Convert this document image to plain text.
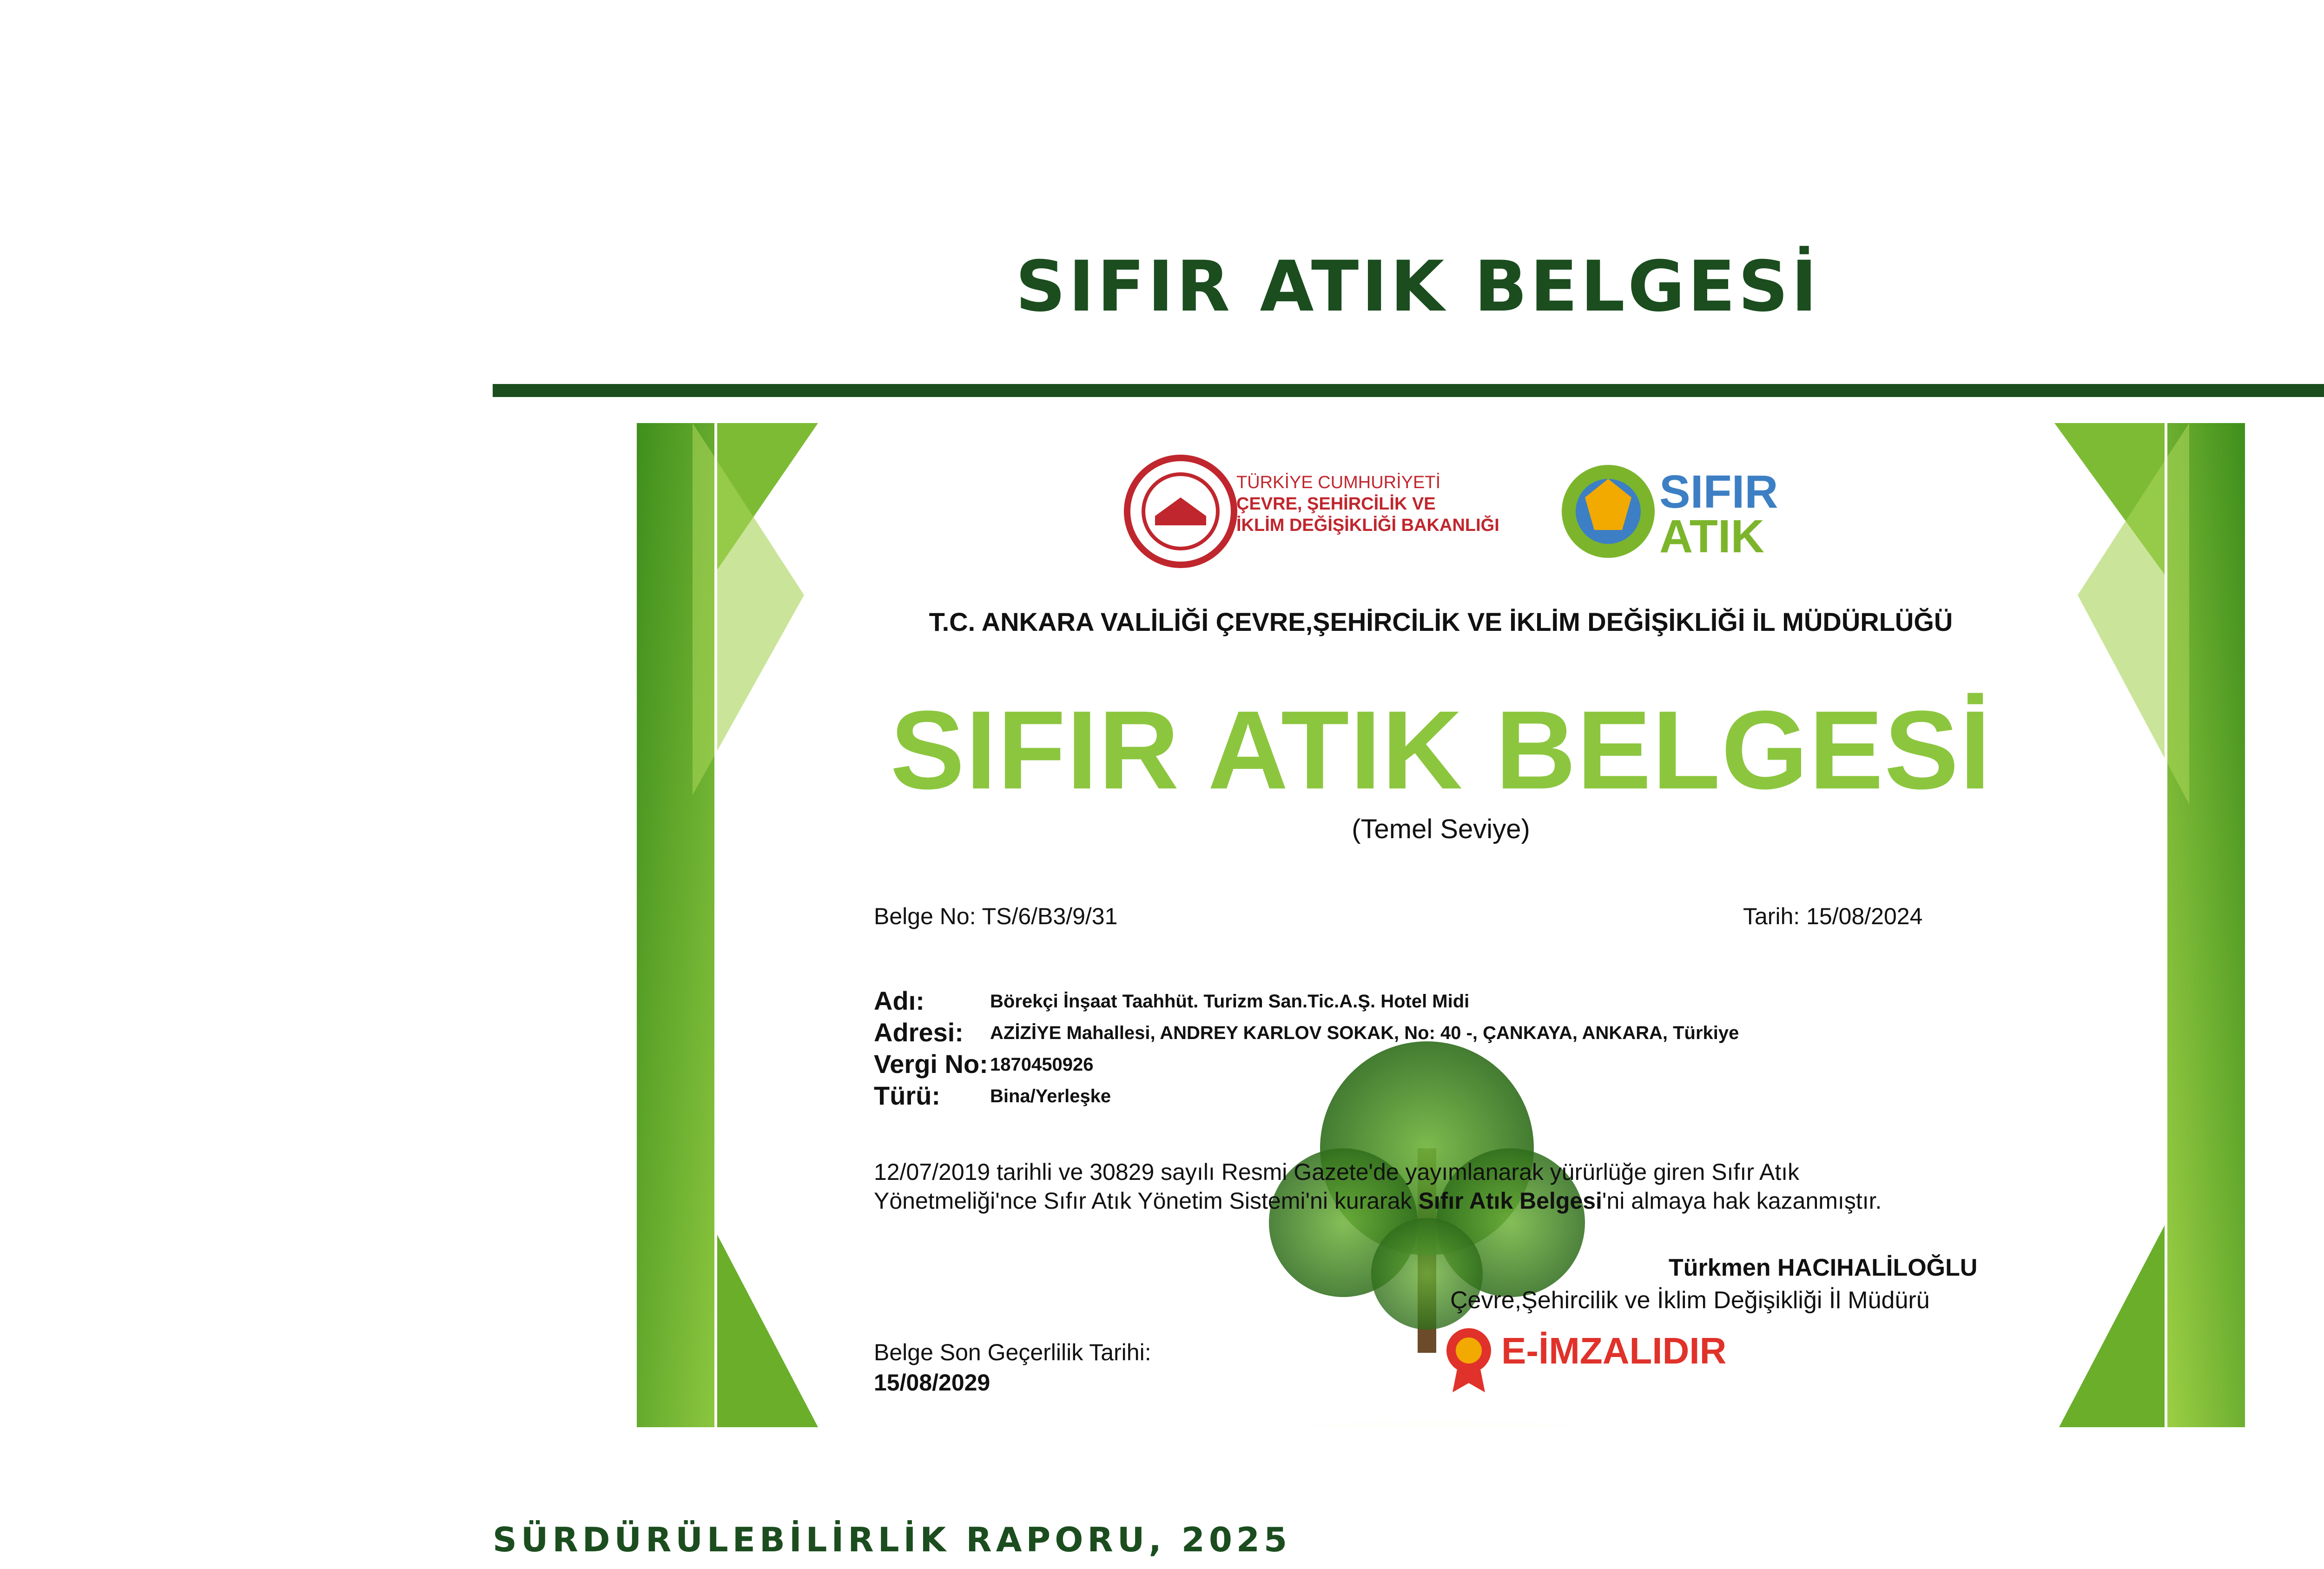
SIFIR ATIK BELGESİ
TÜRKİYE CUMHURİYETİ
ÇEVRE, ŞEHİRCİLİK VE
İKLİM DEĞİŞİKLİĞİ BAKANLIĞI
SIFIR
ATIK
T.C. ANKARA VALİLİĞİ ÇEVRE,ŞEHİRCİLİK VE İKLİM DEĞİŞİKLİĞİ İL MÜDÜRLÜĞÜ
SIFIR ATIK BELGESİ
(Temel Seviye)
Belge No: TS/6/B3/9/31	Tarih: 15/08/2024
Adı:	Börekçi İnşaat Taahhüt. Turizm San.Tic.A.Ş. Hotel Midi
Adresi: AZİZİYE Mahallesi, ANDREY KARLOV SOKAK, No: 40 -, ÇANKAYA, ANKARA, Türkiye
Vergi No: 1870450926
Türü:	Bina/Yerleşke
12/07/2019 tarihli ve 30829 sayılı Resmi Gazete'de yayımlanarak yürürlüğe giren Sıfır Atık
Yönetmeliği'nce Sıfır Atık Yönetim Sistemi'ni kurarak Sıfır Atık Belgesi'ni almaya hak kazanmıştır.
Türkmen HACIHALİLOĞLU
Çevre,Şehircilik ve İklim Değişikliği İl Müdürü
Belge Son Geçerlilik Tarihi:
15/08/2029
E-İMZALIDIR
SÜRDÜRÜLEBİLİRLİK RAPORU, 2025
